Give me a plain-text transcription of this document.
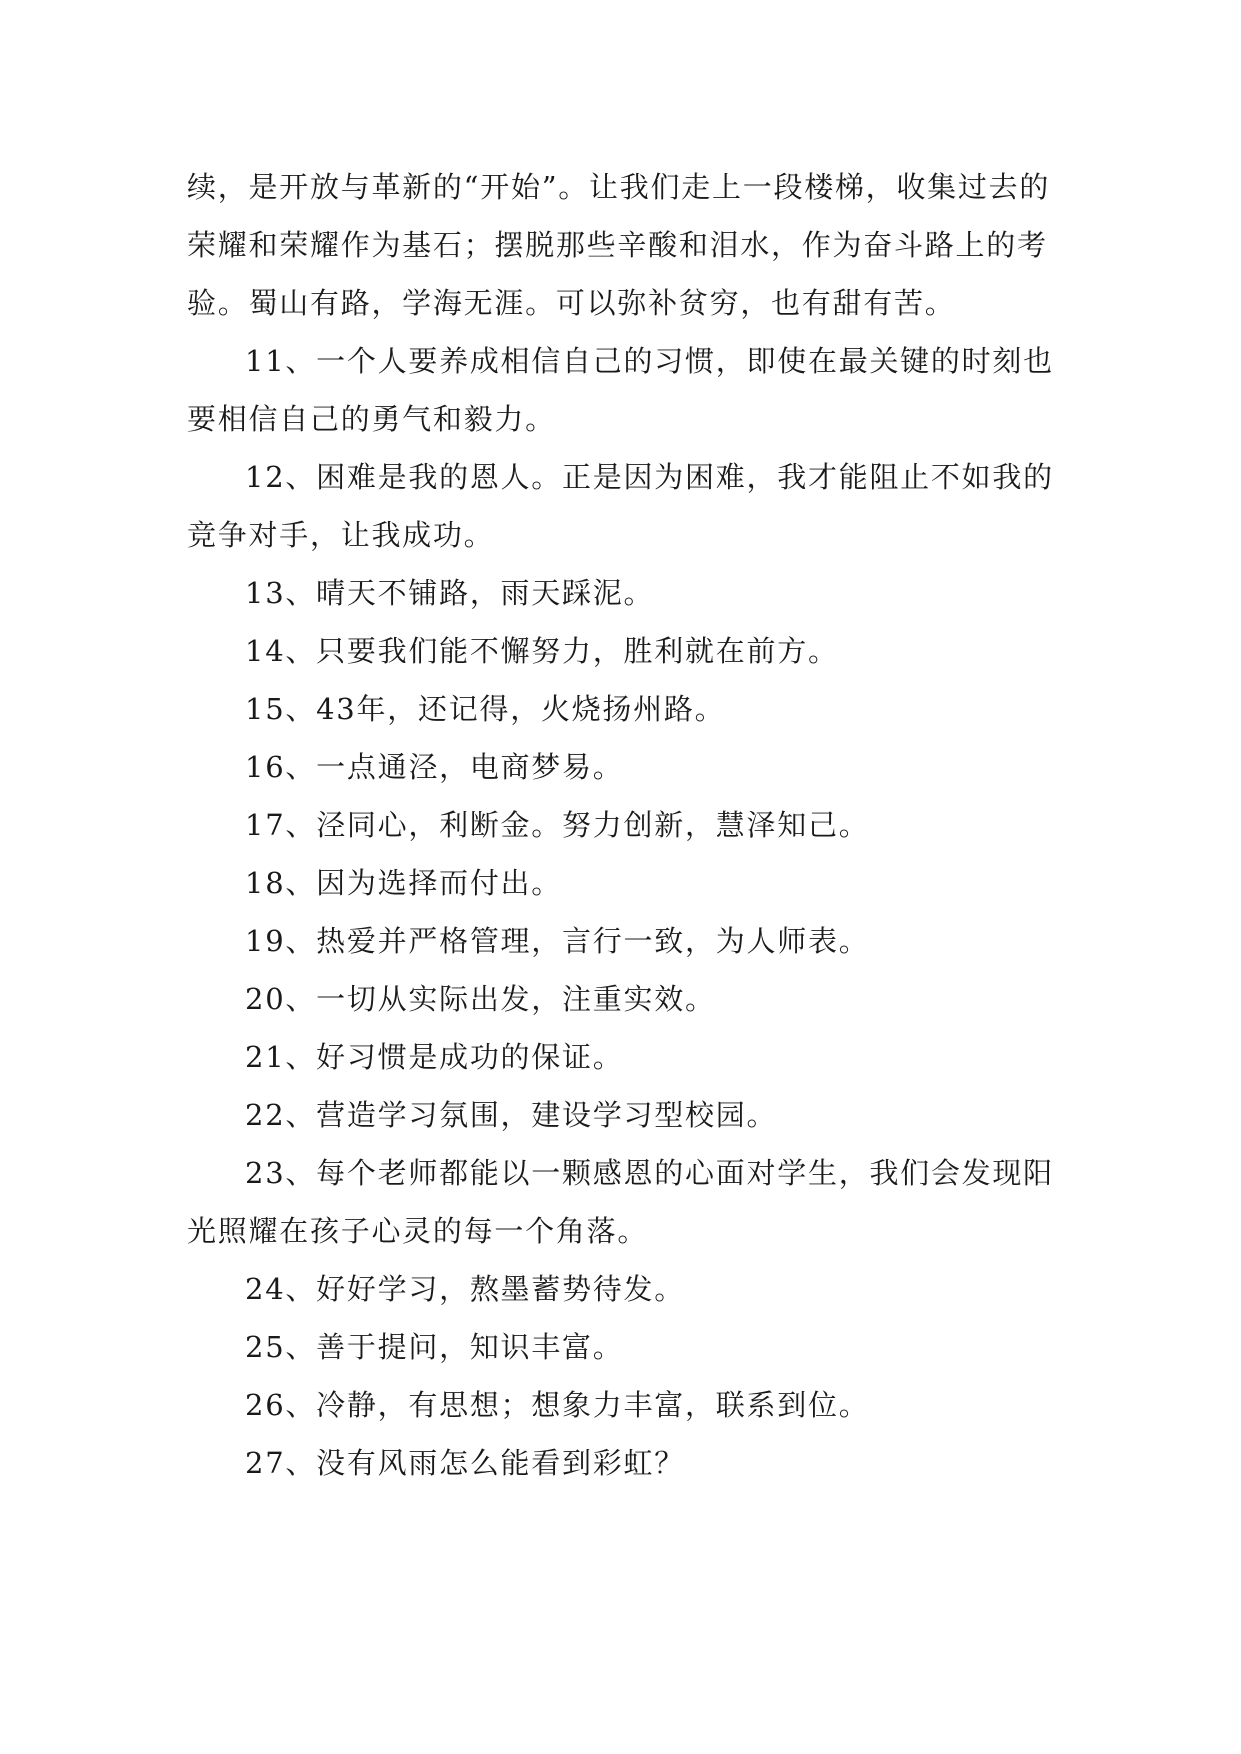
续，是开放与革新的“开始”。让我们走上一段楼梯，收集过去的荣耀和荣耀作为基石；摆脱那些辛酸和泪水，作为奋斗路上的考验。蜀山有路，学海无涯。可以弥补贫穷，也有甜有苦。

11、一个人要养成相信自己的习惯，即使在最关键的时刻也要相信自己的勇气和毅力。

12、困难是我的恩人。正是因为困难，我才能阻止不如我的竞争对手，让我成功。

13、晴天不铺路，雨天踩泥。

14、只要我们能不懈努力，胜利就在前方。

15、43年，还记得，火烧扬州路。

16、一点通泾，电商梦易。

17、泾同心，利断金。努力创新，慧泽知己。

18、因为选择而付出。

19、热爱并严格管理，言行一致，为人师表。

20、一切从实际出发，注重实效。

21、好习惯是成功的保证。

22、营造学习氛围，建设学习型校园。

23、每个老师都能以一颗感恩的心面对学生，我们会发现阳光照耀在孩子心灵的每一个角落。

24、好好学习，熬墨蓄势待发。

25、善于提问，知识丰富。

26、冷静，有思想；想象力丰富，联系到位。

27、没有风雨怎么能看到彩虹？
